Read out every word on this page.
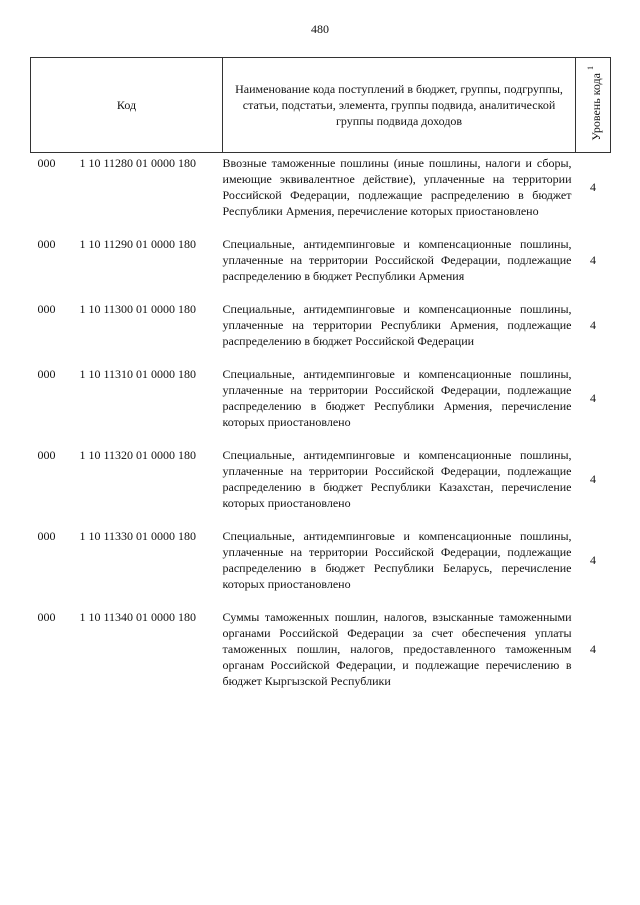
480
Код		Наименование кода поступлений в бюджет, группы, подгруппы, статьи, подстатьи, элемента, группы подвида, аналитической группы подвида доходов	Уровень кода $^1$

000	1 10 11280 01 0000 180	Ввозные таможенные пошлины (иные пошлины, налоги и сборы, имеющие эквивалентное действие), уплаченные на территории Российской Федерации, подлежащие распределению в бюджет Республики Армения, перечисление которых приостановлено	4

000	1 10 11290 01 0000 180	Специальные, антидемпинговые и компенсационные пошлины, уплаченные на территории Российской Федерации, подлежащие распределению в бюджет Республики Армения	4

000	1 10 11300 01 0000 180	Специальные, антидемпинговые и компенсационные пошлины, уплаченные на территории Республики Армения, подлежащие распределению в бюджет Российской Федерации	4

000	1 10 11310 01 0000 180	Специальные, антидемпинговые и компенсационные пошлины, уплаченные на территории Российской Федерации, подлежащие распределению в бюджет Республики Армения, перечисление которых приостановлено	4

000	1 10 11320 01 0000 180	Специальные, антидемпинговые и компенсационные пошлины, уплаченные на территории Российской Федерации, подлежащие распределению в бюджет Республики Казахстан, перечисление которых приостановлено	4

000	1 10 11330 01 0000 180	Специальные, антидемпинговые и компенсационные пошлины, уплаченные на территории Российской Федерации, подлежащие распределению в бюджет Республики Беларусь, перечисление которых приостановлено	4

000	1 10 11340 01 0000 180	Суммы таможенных пошлин, налогов, взысканные таможенными органами Российской Федерации за счет обеспечения уплаты таможенных пошлин, налогов, предоставленного таможенным органам Российской Федерации, и подлежащие перечислению в бюджет Кыргызской Республики	4
